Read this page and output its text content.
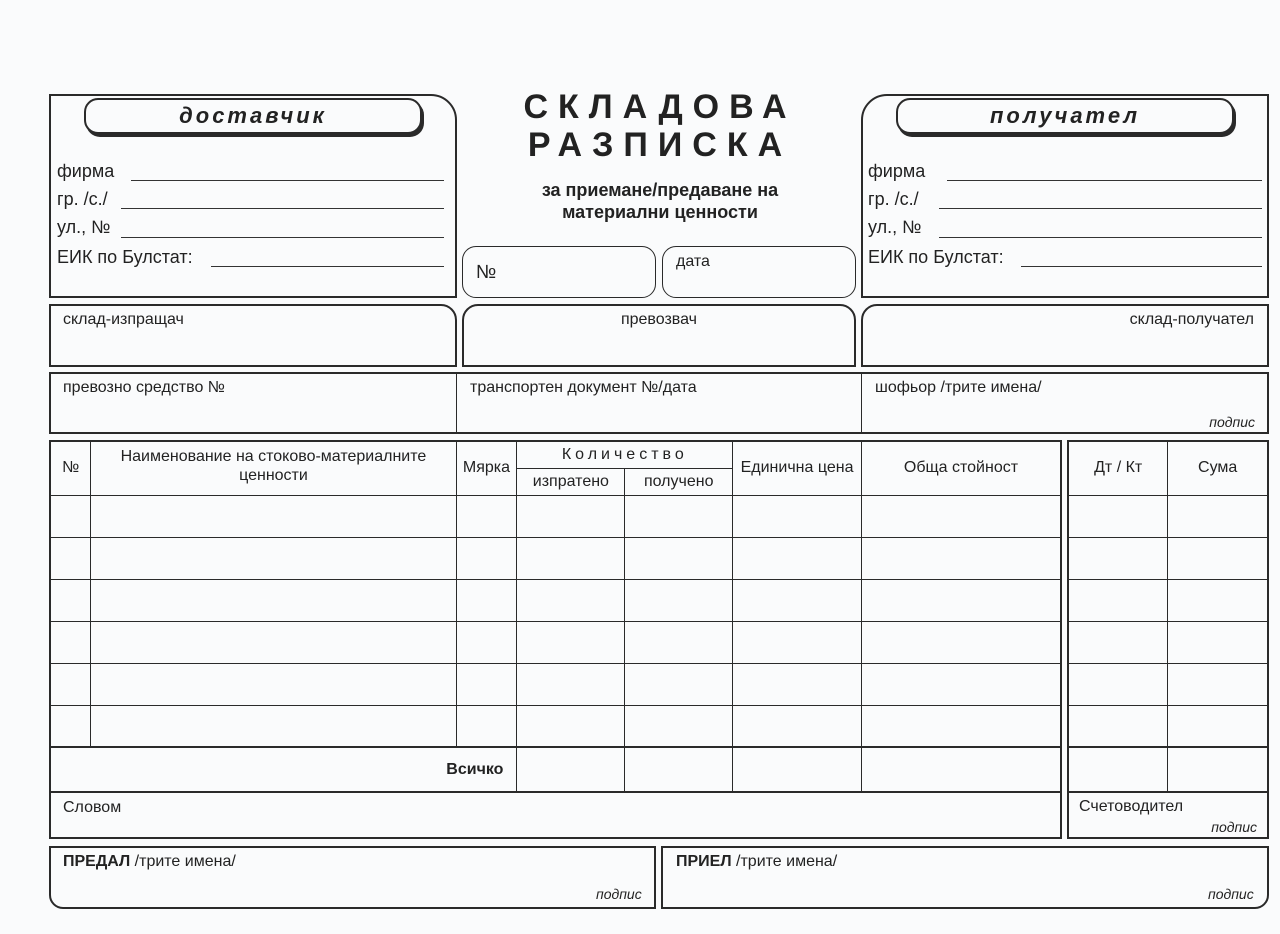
доставчик
фирма
гр. /с./
ул., №
ЕИК по Булстат:
СКЛАДОВА
РАЗПИСКА
за приемане/предаване на
материални ценности
№
дата
получател
фирма
гр. /с./
ул., №
ЕИК по Булстат:
склад-изпращач	превозвач	склад-получател
превозно средство №	транспортен документ №/дата	шофьор /трите имена/
подпис
№	Наименование на стоково-материалните ценности	Мярка	Количество		Единична цена	Обща стойност
			изпратено	получено		

Всичко						
Словом						
Дт / Кт	Сума

Счетоводител
подпис	
ПРЕДАЛ /трите имена/
подпис
ПРИЕЛ /трите имена/
подпис
